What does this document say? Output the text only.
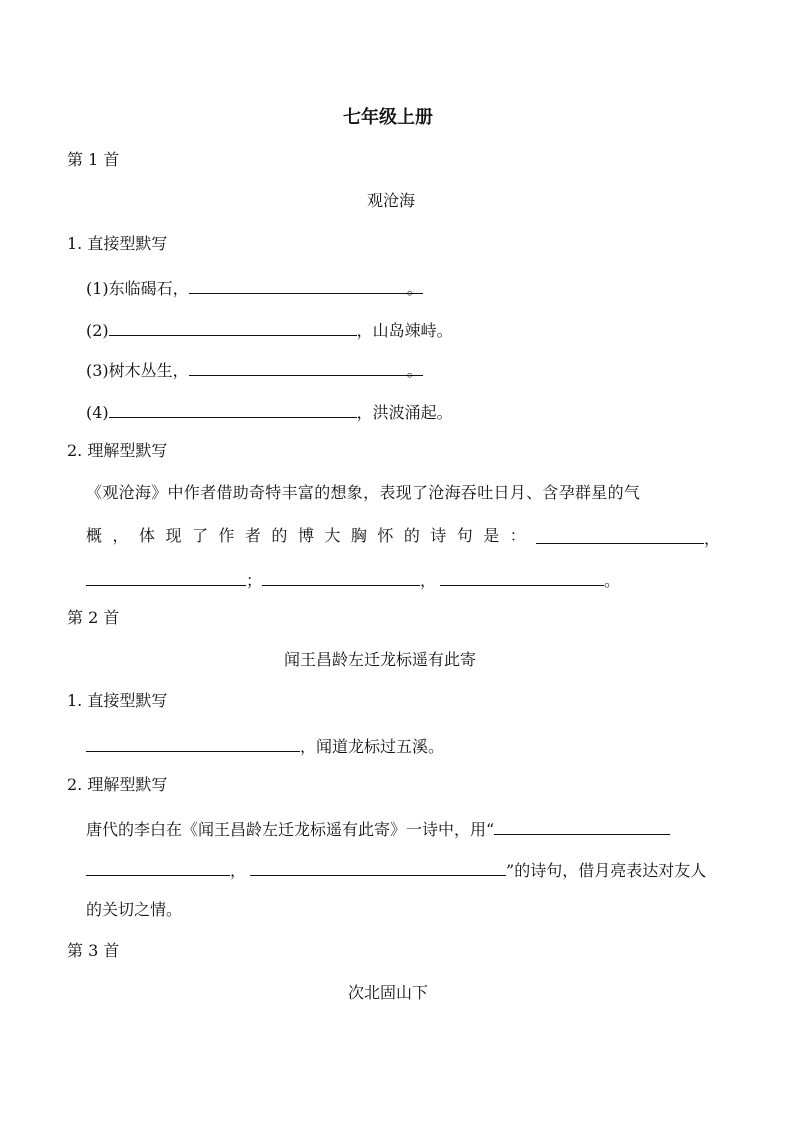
七年级上册
第 1 首
观沧海
1. 直接型默写
(1)东临碣石，	。
(2)	，山岛竦峙。
(3)树木丛生，	。
(4)	，洪波涌起。
2. 理解型默写
《观沧海》中作者借助奇特丰富的想象，表现了沧海吞吐日月、含孕群星的气
概 ， 体 现 了 作 者 的 博 大 胸 怀 的 诗 句 是 ：	，
；	，	。
第 2 首
闻王昌龄左迁龙标遥有此寄
1. 直接型默写
，闻道龙标过五溪。
2. 理解型默写
唐代的李白在《闻王昌龄左迁龙标遥有此寄》一诗中，用“
，	”的诗句，借月亮表达对友人
的关切之情。
第 3 首
次北固山下
